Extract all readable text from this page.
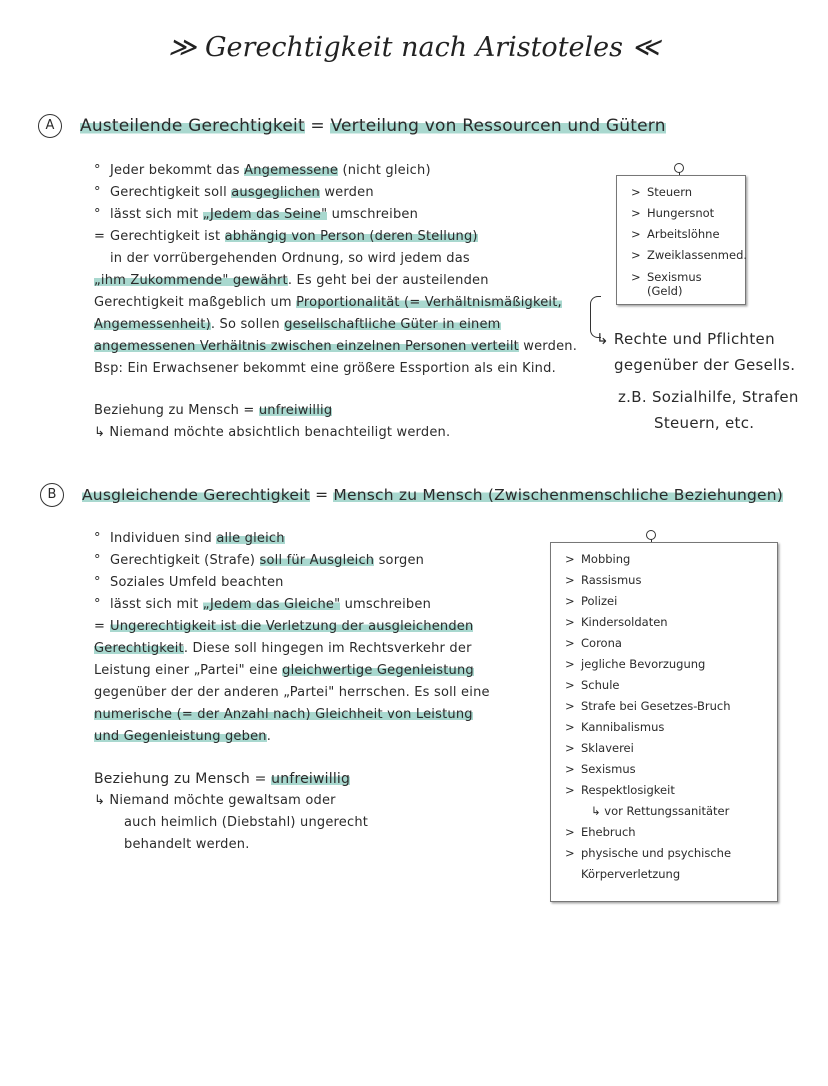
≫ Gerechtigkeit nach Aristoteles ≪
A Austeilende Gerechtigkeit = Verteilung von Ressourcen und Gütern
° Jeder bekommt das Angemessene (nicht gleich)
° Gerechtigkeit soll ausgeglichen werden
° lässt sich mit „Jedem das Seine" umschreiben
= Gerechtigkeit ist abhängig von Person (deren Stellung)
in der vorrübergehenden Ordnung, so wird jedem das
„ihm Zukommende" gewährt. Es geht bei der austeilenden
Gerechtigkeit maßgeblich um Proportionalität (= Verhältnismäßigkeit,
Angemessenheit). So sollen gesellschaftliche Güter in einem
angemessenen Verhältnis zwischen einzelnen Personen verteilt werden.
Bsp: Ein Erwachsener bekommt eine größere Essportion als ein Kind.
Beziehung zu Mensch = unfreiwillig
↳ Niemand möchte absichtlich benachteiligt werden.
> Steuern
> Hungersnot
> Arbeitslöhne
> Zweiklassenmed.
> Sexismus
(Geld)
↳ Rechte und Pflichten
gegenüber der Gesells.
z.B. Sozialhilfe, Strafen
Steuern, etc.
B Ausgleichende Gerechtigkeit = Mensch zu Mensch (Zwischenmenschliche Beziehungen)
° Individuen sind alle gleich
° Gerechtigkeit (Strafe) soll für Ausgleich sorgen
° Soziales Umfeld beachten
° lässt sich mit „Jedem das Gleiche" umschreiben
= Ungerechtigkeit ist die Verletzung der ausgleichenden
Gerechtigkeit. Diese soll hingegen im Rechtsverkehr der
Leistung einer „Partei" eine gleichwertige Gegenleistung
gegenüber der der anderen „Partei" herrschen. Es soll eine
numerische (= der Anzahl nach) Gleichheit von Leistung
und Gegenleistung geben.
Beziehung zu Mensch = unfreiwillig
↳ Niemand möchte gewaltsam oder
auch heimlich (Diebstahl) ungerecht
behandelt werden.
> Mobbing
> Rassismus
> Polizei
> Kindersoldaten
> Corona
> jegliche Bevorzugung
> Schule
> Strafe bei Gesetzes-Bruch
> Kannibalismus
> Sklaverei
> Sexismus
> Respektlosigkeit
↳ vor Rettungssanitäter
> Ehebruch
> physische und psychische
Körperverletzung
